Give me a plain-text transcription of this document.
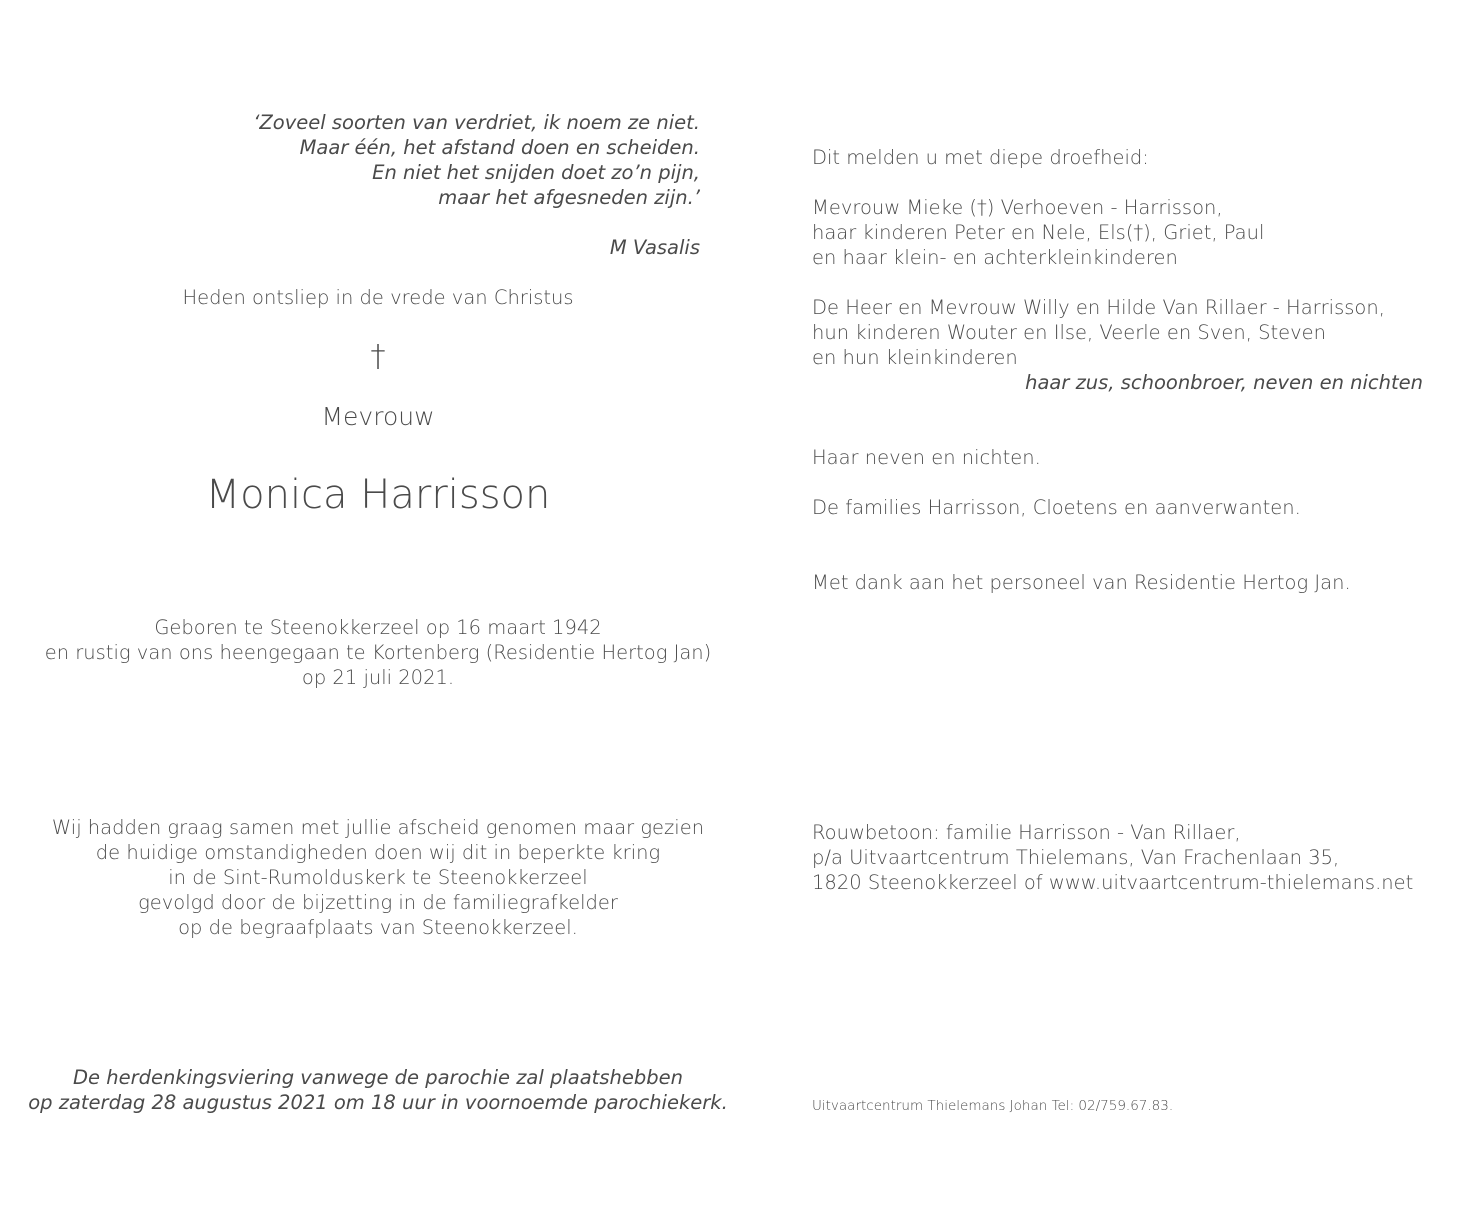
‘Zoveel soorten van verdriet, ik noem ze niet.
Maar één, het afstand doen en scheiden.
En niet het snijden doet zo’n pijn,
maar het afgesneden zijn.’
M Vasalis
Heden ontsliep in de vrede van Christus
†
Mevrouw
Monica Harrisson
Geboren te Steenokkerzeel op 16 maart 1942
en rustig van ons heengegaan te Kortenberg (Residentie Hertog Jan)
op 21 juli 2021.
Wij hadden graag samen met jullie afscheid genomen maar gezien
de huidige omstandigheden doen wij dit in beperkte kring
in de Sint-Rumolduskerk te Steenokkerzeel
gevolgd door de bijzetting in de familiegrafkelder
op de begraafplaats van Steenokkerzeel.
De herdenkingsviering vanwege de parochie zal plaatshebben
op zaterdag 28 augustus 2021 om 18 uur in voornoemde parochiekerk.
Dit melden u met diepe droefheid:
Mevrouw Mieke (†) Verhoeven - Harrisson,
haar kinderen Peter en Nele, Els(†), Griet, Paul
en haar klein- en achterkleinkinderen
De Heer en Mevrouw Willy en Hilde Van Rillaer - Harrisson,
hun kinderen Wouter en Ilse, Veerle en Sven, Steven
en hun kleinkinderen
haar zus, schoonbroer, neven en nichten
Haar neven en nichten.
De families Harrisson, Cloetens en aanverwanten.
Met dank aan het personeel van Residentie Hertog Jan.
Rouwbetoon: familie Harrisson - Van Rillaer,
p/a Uitvaartcentrum Thielemans, Van Frachenlaan 35,
1820 Steenokkerzeel of www.uitvaartcentrum-thielemans.net
Uitvaartcentrum Thielemans Johan Tel: 02/759.67.83.
